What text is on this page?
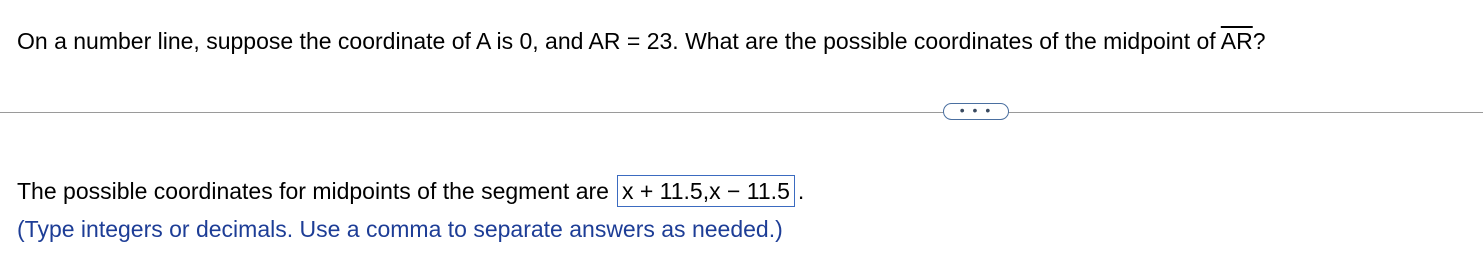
On a number line, suppose the coordinate of A is 0, and AR = 23. What are the possible coordinates of the midpoint of $\overline{AR}$?
• • •
The possible coordinates for midpoints of the segment are x + 11.5,x − 11.5 .
(Type integers or decimals. Use a comma to separate answers as needed.)
